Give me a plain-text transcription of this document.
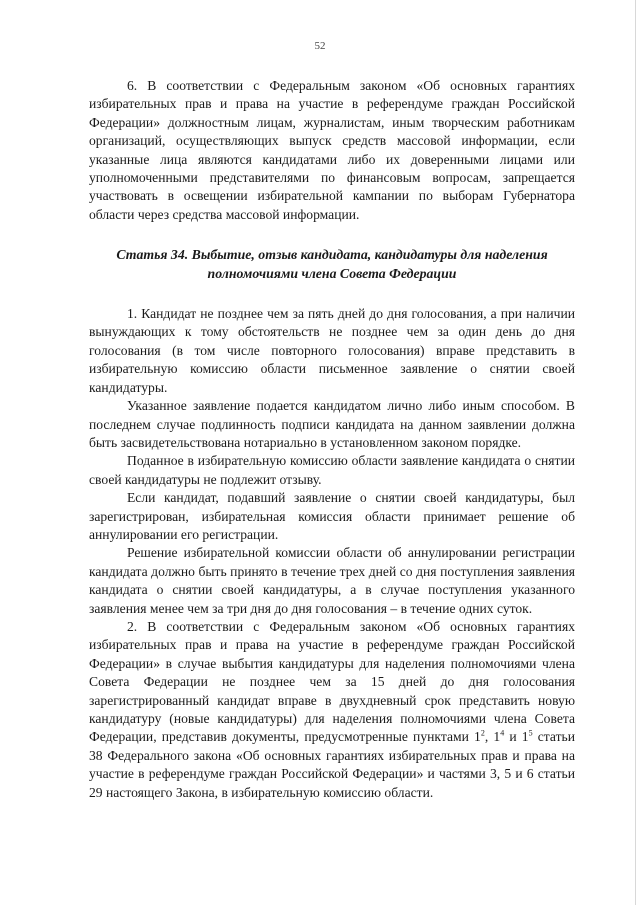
52

6. В соответствии с Федеральным законом «Об основных гарантиях избирательных прав и права на участие в референдуме граждан Российской Федерации» должностным лицам, журналистам, иным творческим работникам организаций, осуществляющих выпуск средств массовой информации, если указанные лица являются кандидатами либо их доверенными лицами или уполномоченными представителями по финансовым вопросам, запрещается участвовать в освещении избирательной кампании по выборам Губернатора области через средства массовой информации.

Статья 34. Выбытие, отзыв кандидата, кандидатуры для наделения полномочиями члена Совета Федерации

1. Кандидат не позднее чем за пять дней до дня голосования, а при наличии вынуждающих к тому обстоятельств не позднее чем за один день до дня голосования (в том числе повторного голосования) вправе представить в избирательную комиссию области письменное заявление о снятии своей кандидатуры.

Указанное заявление подается кандидатом лично либо иным способом. В последнем случае подлинность подписи кандидата на данном заявлении должна быть засвидетельствована нотариально в установленном законом порядке.

Поданное в избирательную комиссию области заявление кандидата о снятии своей кандидатуры не подлежит отзыву.

Если кандидат, подавший заявление о снятии своей кандидатуры, был зарегистрирован, избирательная комиссия области принимает решение об аннулировании его регистрации.

Решение избирательной комиссии области об аннулировании регистрации кандидата должно быть принято в течение трех дней со дня поступления заявления кандидата о снятии своей кандидатуры, а в случае поступления указанного заявления менее чем за три дня до дня голосования – в течение одних суток.

2. В соответствии с Федеральным законом «Об основных гарантиях избирательных прав и права на участие в референдуме граждан Российской Федерации» в случае выбытия кандидатуры для наделения полномочиями члена Совета Федерации не позднее чем за 15 дней до дня голосования зарегистрированный кандидат вправе в двухдневный срок представить новую кандидатуру (новые кандидатуры) для наделения полномочиями члена Совета Федерации, представив документы, предусмотренные пунктами $1^2$, $1^4$ и $1^5$ статьи 38 Федерального закона «Об основных гарантиях избирательных прав и права на участие в референдуме граждан Российской Федерации» и частями 3, 5 и 6 статьи 29 настоящего Закона, в избирательную комиссию области.
